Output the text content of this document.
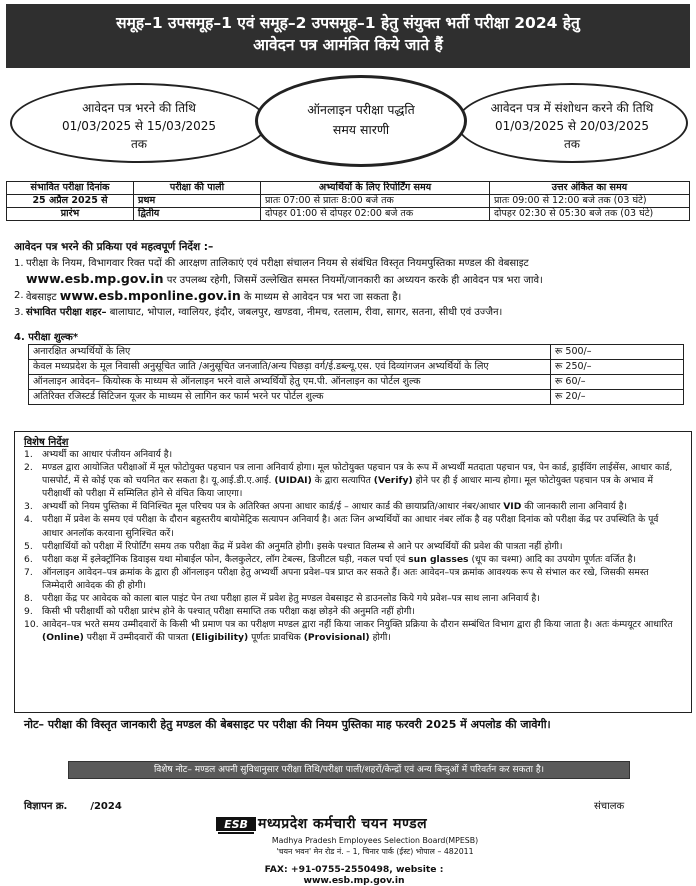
समूह–1 उपसमूह–1 एवं समूह–2 उपसमूह–1 हेतु संयुक्त भर्ती परीक्षा 2024 हेतु
आवेदन पत्र आमंत्रित किये जाते हैं
आवेदन पत्र भरने की तिथि
01/03/2025 से 15/03/2025
तक
आवेदन पत्र में संशोधन करने की तिथि
01/03/2025 से 20/03/2025
तक
ऑनलाइन परीक्षा पद्धति
समय सारणी
संभावित परीक्षा दिनांक	परीक्षा की पाली	अभ्यर्थियों के लिए रिपोर्टिंग समय	उत्तर अंकित का समय
25 अप्रैल 2025 से	प्रथम	प्रातः 07:00 से प्रातः 8:00 बजे तक	प्रातः 09:00 से 12:00 बजे तक (03 घंटे)
प्रारंभ	द्वितीय	दोपहर 01:00 से दोपहर 02:00 बजे तक	दोपहर 02:30 से 05:30 बजे तक (03 घंटे)
आवेदन पत्र भरने की प्रकिया एवं महत्वपूर्ण निर्देश :–
1. परीक्षा के नियम, विभागवार रिक्त पदों की आरक्षण तालिकाएं एवं परीक्षा संचालन नियम से संबंधित विस्तृत नियमपुस्तिका मण्डल की वेबसाइट
www.esb.mp.gov.in पर उपलब्ध रहेगी, जिसमें उल्लेखित समस्त नियमों/जानकारी का अध्ययन करके ही आवेदन पत्र भरा जावे।
2. वेबसाइट www.esb.mponline.gov.in के माध्यम से आवेदन पत्र भरा जा सकता है।
3. संभावित परीक्षा शहर– बालाघाट, भोपाल, ग्वालियर, इंदौर, जबलपुर, खण्डवा, नीमच, रतलाम, रीवा, सागर, सतना, सीधी एवं उज्जैन।
4. परीक्षा शुल्क*
अनारक्षित अभ्यर्थियों के लिए	रू 500/–
केवल मध्यप्रदेश के मूल निवासी अनुसूचित जाति /अनुसूचित जनजाति/अन्य पिछड़ा वर्ग/ई.डब्ल्यू.एस. एवं दिव्यांगजन अभ्यर्थियों के लिए	रू 250/–
ऑनलाइन आवेदन– कियोस्क के माध्यम से ऑनलाइन भरने वाले अभ्यर्थियों हेतु एम.पी. ऑनलाइन का पोर्टल शुल्क	रू 60/–
अतिरिक्त रजिस्टर्ड सिटिजन यूजर के माध्यम से लागिन कर फार्म भरने पर पोर्टल शुल्क	रू 20/–
विशेष निर्देश
1.	अभ्यर्थी का आधार पंजीयन अनिवार्य है।
2.	मण्डल द्वारा आयोजित परीक्षाओं में मूल फोटोयुक्त पहचान पत्र लाना अनिवार्य होगा। मूल फोटोयुक्त पहचान पत्र के रूप में अभ्यर्थी मतदाता पहचान पत्र, पेन कार्ड, ड्राईविंग लाईसेंस, आधार कार्ड, पासपोर्ट, में से कोई एक को चयनित कर सकता है। यू.आई.डी.ए.आई. (UIDAI) के द्वारा सत्यापित (Verify) होने पर ही ई आधार मान्य होगा। मूल फोटोयुक्त पहचान पत्र के अभाव में परीक्षार्थी को परीक्षा में सम्मिलित होने से वंचित किया जाएगा।
3.	अभ्यर्थी को नियम पुस्तिका में विनिश्चित मूल परिचय पत्र के अतिरिक्त अपना आधार कार्ड/ई – आधार कार्ड की छायाप्रति/आधार नंबर/आधार VID की जानकारी लाना अनिवार्य है।
4.	परीक्षा में प्रवेश के समय एवं परीक्षा के दौरान बहुस्तरीय बायोमेट्रिक सत्यापन अनिवार्य है। अतः जिन अभ्यर्थियों का आधार नंबर लॉक है वह परीक्षा दिनांक को परीक्षा केंद्र पर उपस्थिति के पूर्व आधार अनलॉक करवाना सुनिश्चित करें।
5.	परीक्षार्थियों को परीक्षा में रिपोर्टिंग समय तक परीक्षा केंद्र में प्रवेश की अनुमति होगी। इसके पश्चात विलम्ब से आने पर अभ्यर्थियों की प्रवेश की पात्रता नहीं होगी।
6.	परीक्षा कक्ष में इलेक्ट्रॉनिक डिवाइस यथा मोबाईल फोन, कैलकुलेटर, लॉग टेबल्स, डिजीटल घड़ी, नकल पर्चा एवं sun glasses (धूप का चश्मा) आदि का उपयोग पूर्णतः वर्जित है।
7.	ऑनलाइन आवेदन–पत्र क्रमांक के द्वारा ही ऑनलाइन परीक्षा हेतु अभ्यर्थी अपना प्रवेश–पत्र प्राप्त कर सकते हैं। अतः आवेदन–पत्र क्रमांक आवश्यक रूप से संभाल कर रखे, जिसकी समस्त जिम्मेदारी आवेदक की ही होगी।
8.	परीक्षा केंद्र पर आवेदक को काला बाल पाइंट पेन तथा परीक्षा हाल में प्रवेश हेतु मण्डल वेबसाइट से डाउनलोड किये गये प्रवेश–पत्र साथ लाना अनिवार्य है।
9.	किसी भी परीक्षार्थी को परीक्षा प्रारंभ होने के पश्चात् परीक्षा समाप्ति तक परीक्षा कक्ष छोड़ने की अनुमति नहीं होगी।
10. आवेदन–पत्र भरते समय उम्मीदवारों के किसी भी प्रमाण पत्र का परीक्षण मण्डल द्वारा नहीं किया जाकर नियुक्ति प्रक्रिया के दौरान सम्बंधित विभाग द्वारा ही किया जाता है। अतः कंम्पयूटर आधारित (Online) परीक्षा में उम्मीदवारों की पात्रता (Eligibility) पूर्णतः प्रावधिक (Provisional) होगी।
नोट– परीक्षा की विस्तृत जानकारी हेतु मण्डल की बेबसाइट पर परीक्षा की नियम पुस्तिका माह फरवरी 2025 में अपलोड की जावेगी।
विशेष नोट– मण्डल अपनी सुविधानुसार परीक्षा तिथि/परीक्षा पाली/शहरों/केन्द्रों एवं अन्य बिन्दुओं में परिवर्तन कर सकता है।
विज्ञापन क्र. /2024	संचालक
ESB मध्यप्रदेश कर्मचारी चयन मण्डल
Madhya Pradesh Employees Selection Board(MPESB)
'चयन भवन' मेन रोड नं. – 1, चिनार पार्क (ईस्ट) भोपाल – 482011
FAX: +91-0755-2550498, website : www.esb.mp.gov.in
